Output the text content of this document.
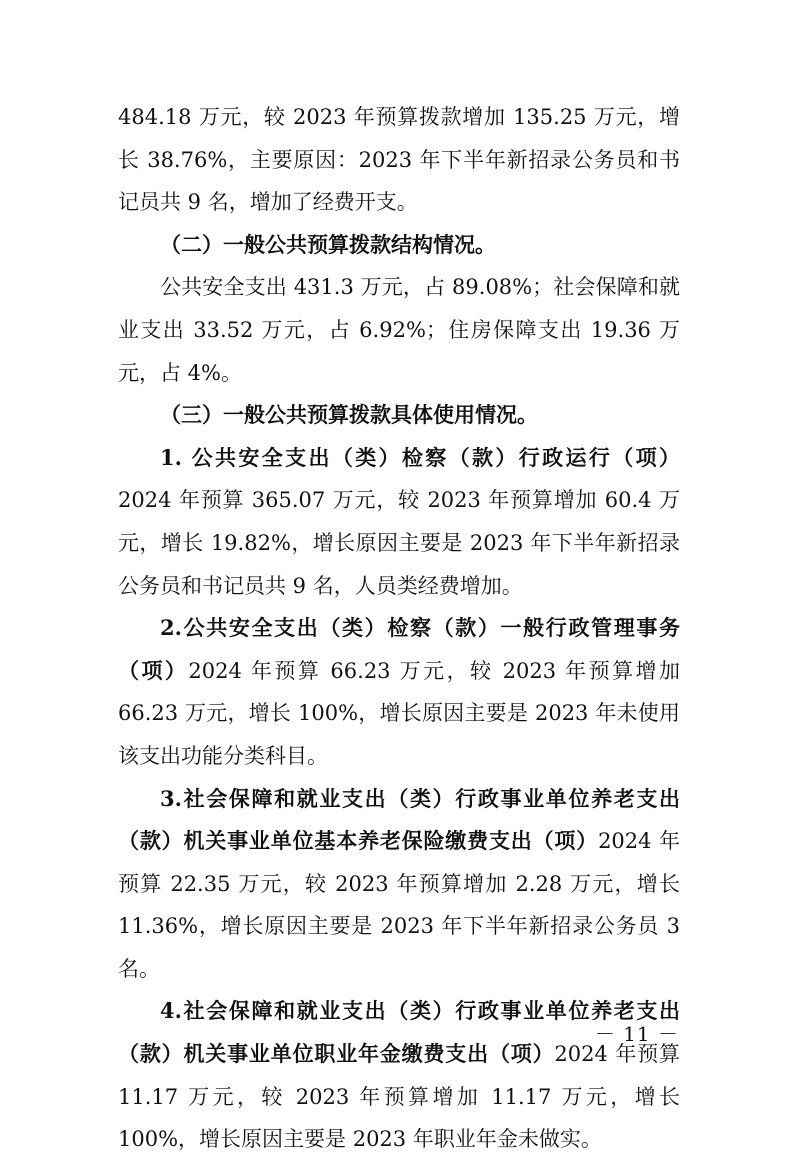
484.18 万元，较 2023 年预算拨款增加 135.25 万元，增长 38.76%，主要原因：2023 年下半年新招录公务员和书记员共 9 名，增加了经费开支。

（二）一般公共预算拨款结构情况。

公共安全支出 431.3 万元，占 89.08%；社会保障和就业支出 33.52 万元，占 6.92%；住房保障支出 19.36 万元，占 4%。

（三）一般公共预算拨款具体使用情况。

1. 公共安全支出（类）检察（款）行政运行（项）2024 年预算 365.07 万元，较 2023 年预算增加 60.4 万元，增长 19.82%，增长原因主要是 2023 年下半年新招录公务员和书记员共 9 名，人员类经费增加。

2.公共安全支出（类）检察（款）一般行政管理事务（项）2024 年预算 66.23 万元，较 2023 年预算增加 66.23 万元，增长 100%，增长原因主要是 2023 年未使用该支出功能分类科目。

3.社会保障和就业支出（类）行政事业单位养老支出（款）机关事业单位基本养老保险缴费支出（项）2024 年预算 22.35 万元，较 2023 年预算增加 2.28 万元，增长 11.36%，增长原因主要是 2023 年下半年新招录公务员 3 名。

4.社会保障和就业支出（类）行政事业单位养老支出（款）机关事业单位职业年金缴费支出（项）2024 年预算 11.17 万元，较 2023 年预算增加 11.17 万元，增长 100%，增长原因主要是 2023 年职业年金未做实。

－ 11 －
